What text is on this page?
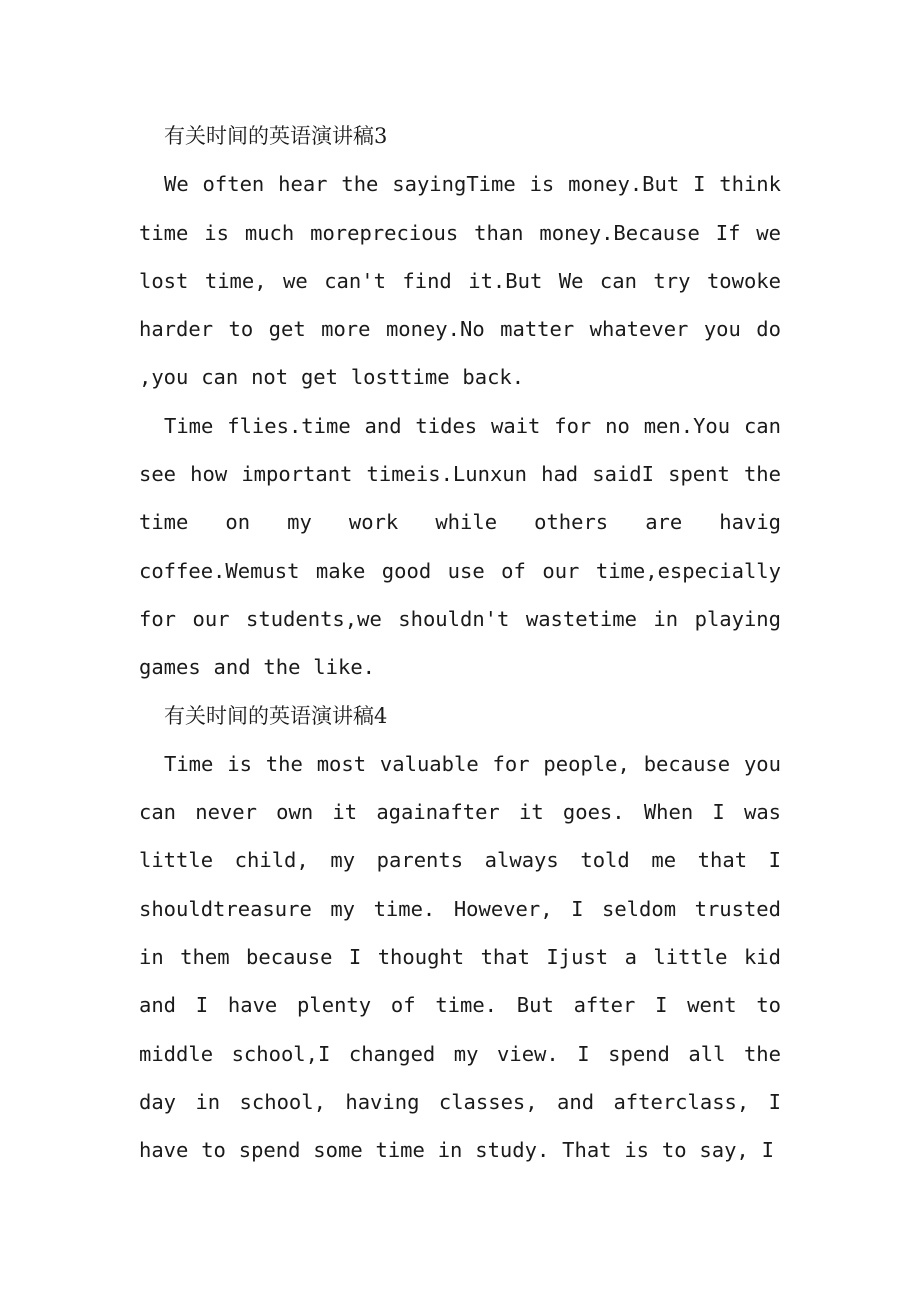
有关时间的英语演讲稿3

We often hear the sayingTime is money.But I think time is much moreprecious than money.Because If we lost time, we can't find it.But We can try towoke harder to get more money.No matter whatever you do ,you can not get losttime back.

Time flies.time and tides wait for no men.You can see how important timeis.Lunxun had saidI spent the time on my work while others are havig coffee.Wemust make good use of our time,especially for our students,we shouldn't wastetime in playing games and the like.

有关时间的英语演讲稿4

Time is the most valuable for people, because you can never own it againafter it goes. When I was little child, my parents always told me that I shouldtreasure my time. However, I seldom trusted in them because I thought that Ijust a little kid and I have plenty of time. But after I went to middle school,I changed my view. I spend all the day in school, having classes, and afterclass, I have to spend some time in study. That is to say, I
